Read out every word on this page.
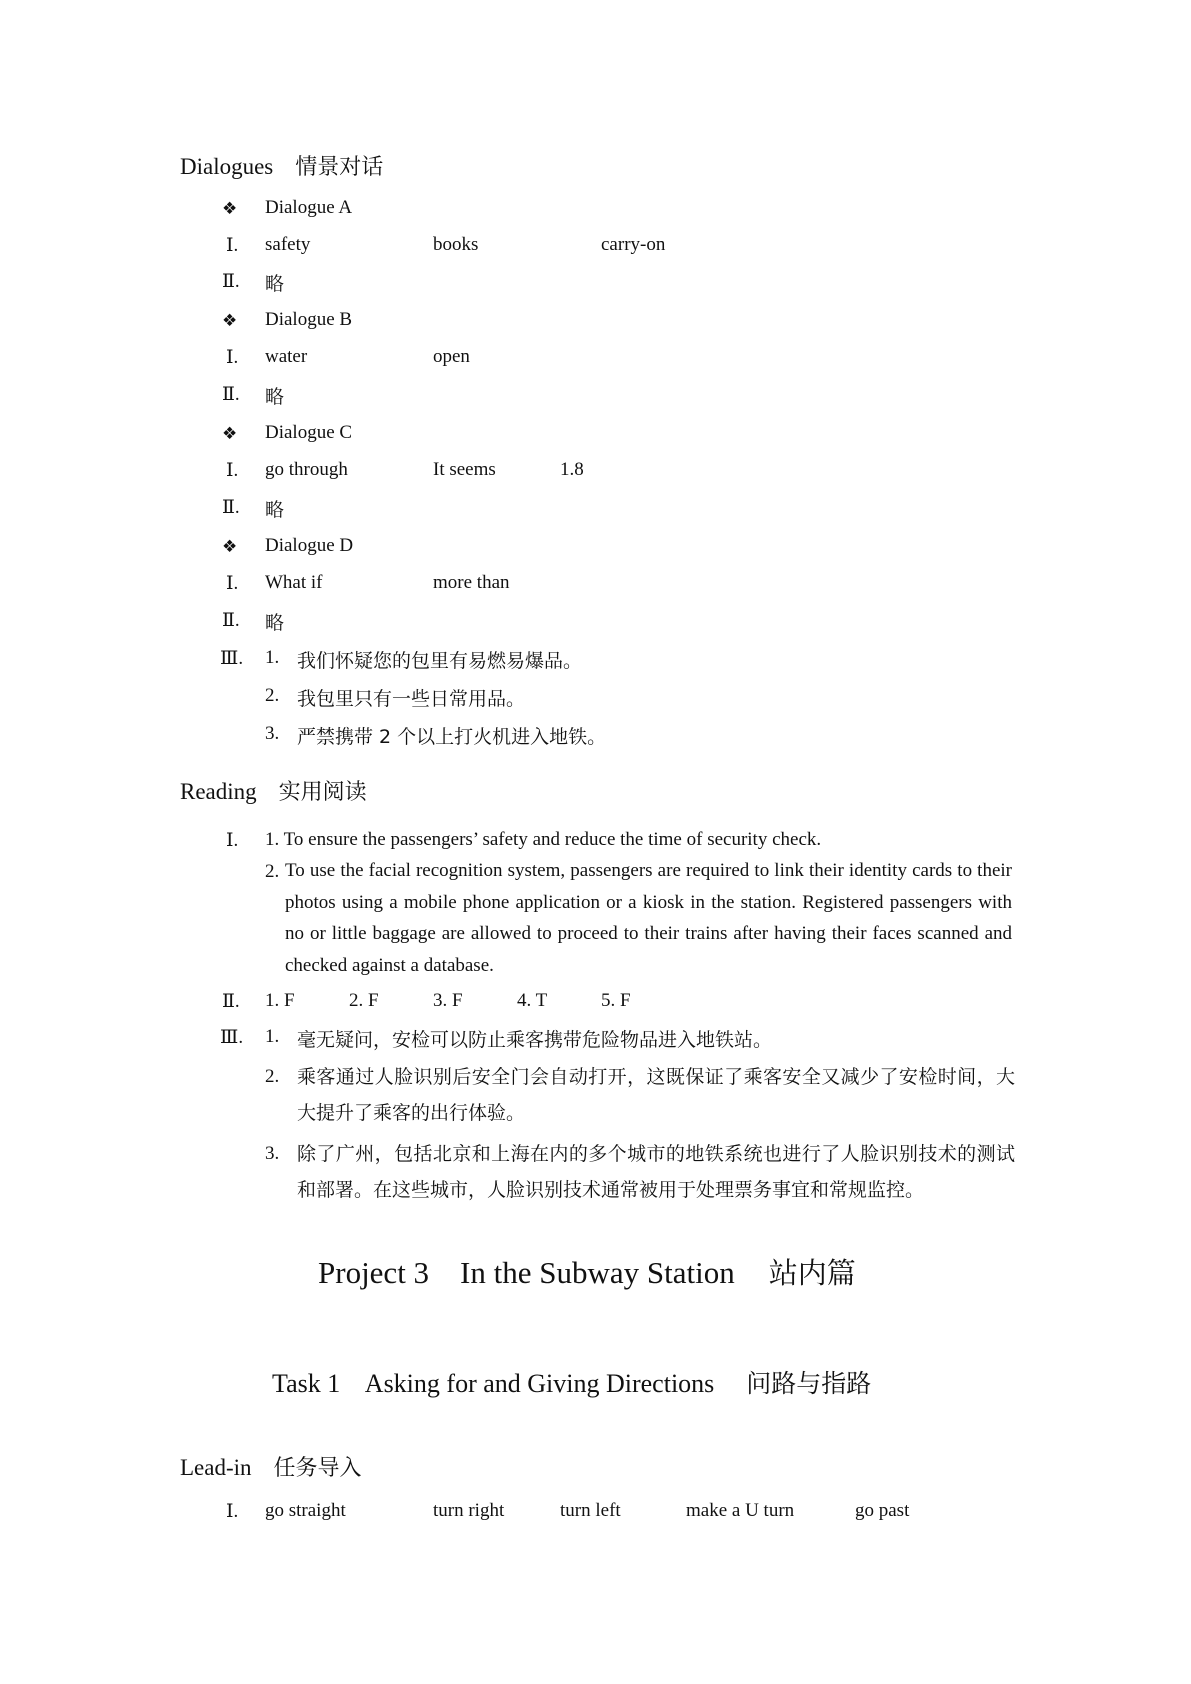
Dialogues 情景对话
❖ Dialogue A
Ⅰ. safety	books	carry-on
Ⅱ. 略
❖ Dialogue B
Ⅰ. water	open
Ⅱ. 略
❖ Dialogue C
Ⅰ. go through	It seems	1.8
Ⅱ. 略
❖ Dialogue D
Ⅰ. What if	more than
Ⅱ. 略
Ⅲ. 1. 我们怀疑您的包里有易燃易爆品。
2. 我包里只有一些日常用品。
3. 严禁携带 2 个以上打火机进入地铁。
Reading 实用阅读
Ⅰ. 1. To ensure the passengers’ safety and reduce the time of security check.
2. To use the facial recognition system, passengers are required to link their identity cards to their photos using a mobile phone application or a kiosk in the station. Registered passengers with no or little baggage are allowed to proceed to their trains after having their faces scanned and checked against a database.
Ⅱ. 1. F	2. F	3. F	4. T	5. F
Ⅲ. 1. 毫无疑问，安检可以防止乘客携带危险物品进入地铁站。
2. 乘客通过人脸识别后安全门会自动打开，这既保证了乘客安全又减少了安检时间，大大提升了乘客的出行体验。
3. 除了广州，包括北京和上海在内的多个城市的地铁系统也进行了人脸识别技术的测试和部署。在这些城市，人脸识别技术通常被用于处理票务事宜和常规监控。
Project 3    In the Subway Station 站内篇
Task 1    Asking for and Giving Directions 问路与指路
Lead-in 任务导入
Ⅰ. go straight	turn right	turn left	make a U turn	go past
